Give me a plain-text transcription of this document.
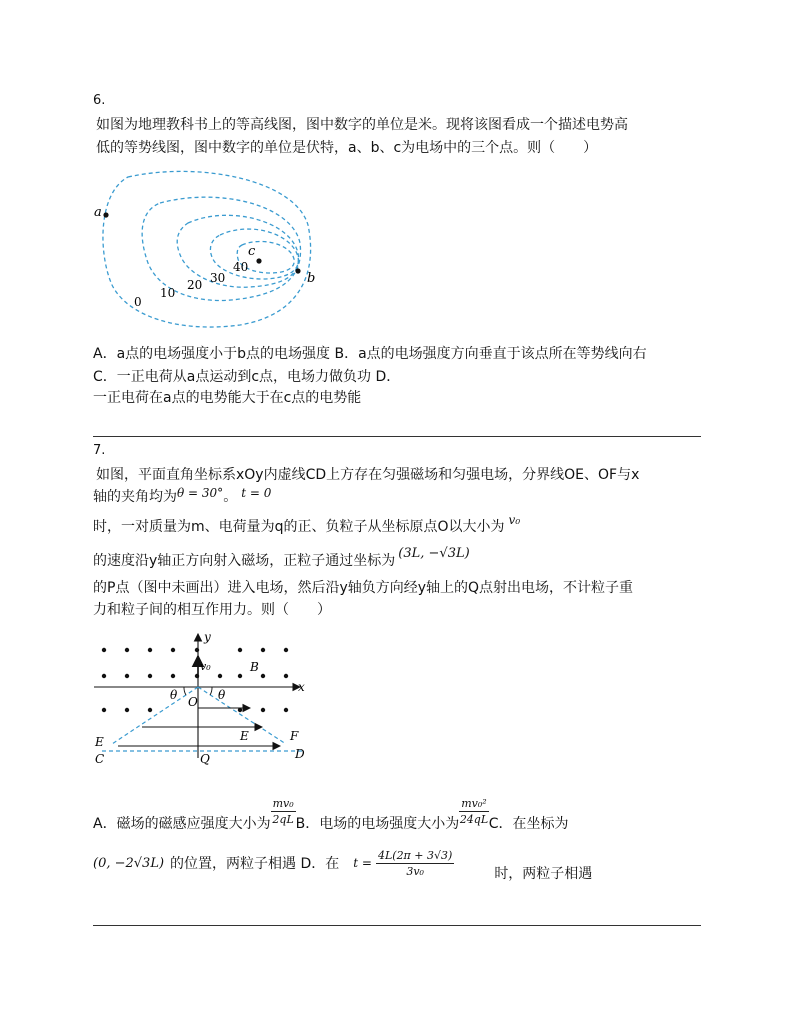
6.
如图为地理教科书上的等高线图，图中数字的单位是米。现将该图看成一个描述电势高
低的等势线图，图中数字的单位是伏特，a、b、c为电场中的三个点。则（　　）
a
b
c
0
10
20 30
40
A．a点的电场强度小于b点的电场强度 B．a点的电场强度方向垂直于该点所在等势线向右
C．一正电荷从a点运动到c点，电场力做负功 D．
一正电荷在a点的电势能大于在c点的电势能
7.
如图，平面直角坐标系xOy内虚线CD上方存在匀强磁场和匀强电场，分界线OE、OF与x
轴的夹角均为θ = 30°。 t = 0
时，一对质量为m、电荷量为q的正、负粒子从坐标原点O以大小为 v₀
的速度沿y轴正方向射入磁场，正粒子通过坐标为 (3L, −√3L)
的P点（图中未画出）进入电场，然后沿y轴负方向经y轴上的Q点射出电场，不计粒子重
力和粒子间的相互作用力。则（　　）
y
x
v₀	B
O
θ	θ
E
E	F
C	D
Q
A．磁场的磁感应强度大小为 $\frac{\text{mv₀}}{2qL}$ B．电场的电场强度大小为 $\frac{\text{mv₀²}}{24qL}$ C．在坐标为
(0, −2√3L) 的位置，两粒子相遇 D．在 $t = \frac{4L(2\pi + 3√3)}{\text{3v₀}}$	时，两粒子相遇
